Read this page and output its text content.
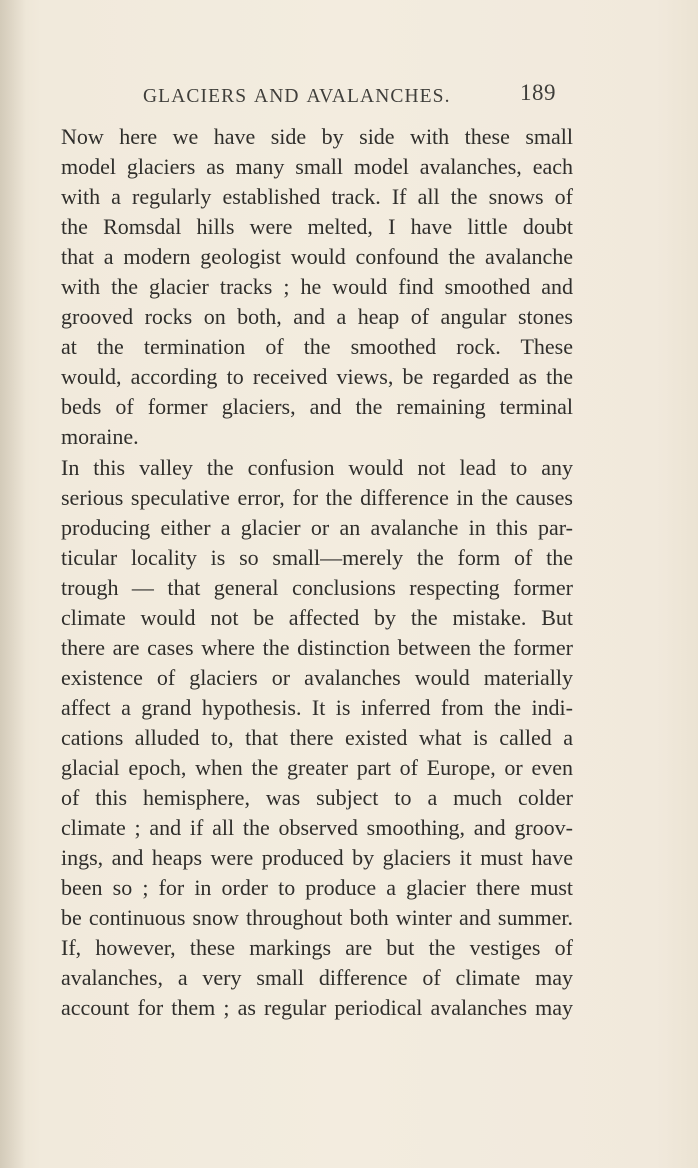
GLACIERS AND AVALANCHES.	189
Now here we have side by side with these small
model glaciers as many small model avalanches, each
with a regularly established track. If all the snows of
the Romsdal hills were melted, I have little doubt
that a modern geologist would confound the avalanche
with the glacier tracks ; he would find smoothed and
grooved rocks on both, and a heap of angular stones
at the termination of the smoothed rock. These
would, according to received views, be regarded as the
beds of former glaciers, and the remaining terminal
moraine.
In this valley the confusion would not lead to any
serious speculative error, for the difference in the causes
producing either a glacier or an avalanche in this par-
ticular locality is so small—merely the form of the
trough — that general conclusions respecting former
climate would not be affected by the mistake. But
there are cases where the distinction between the former
existence of glaciers or avalanches would materially
affect a grand hypothesis. It is inferred from the indi-
cations alluded to, that there existed what is called a
glacial epoch, when the greater part of Europe, or even
of this hemisphere, was subject to a much colder
climate ; and if all the observed smoothing, and groov-
ings, and heaps were produced by glaciers it must have
been so ; for in order to produce a glacier there must
be continuous snow throughout both winter and summer.
If, however, these markings are but the vestiges of
avalanches, a very small difference of climate may
account for them ; as regular periodical avalanches may
